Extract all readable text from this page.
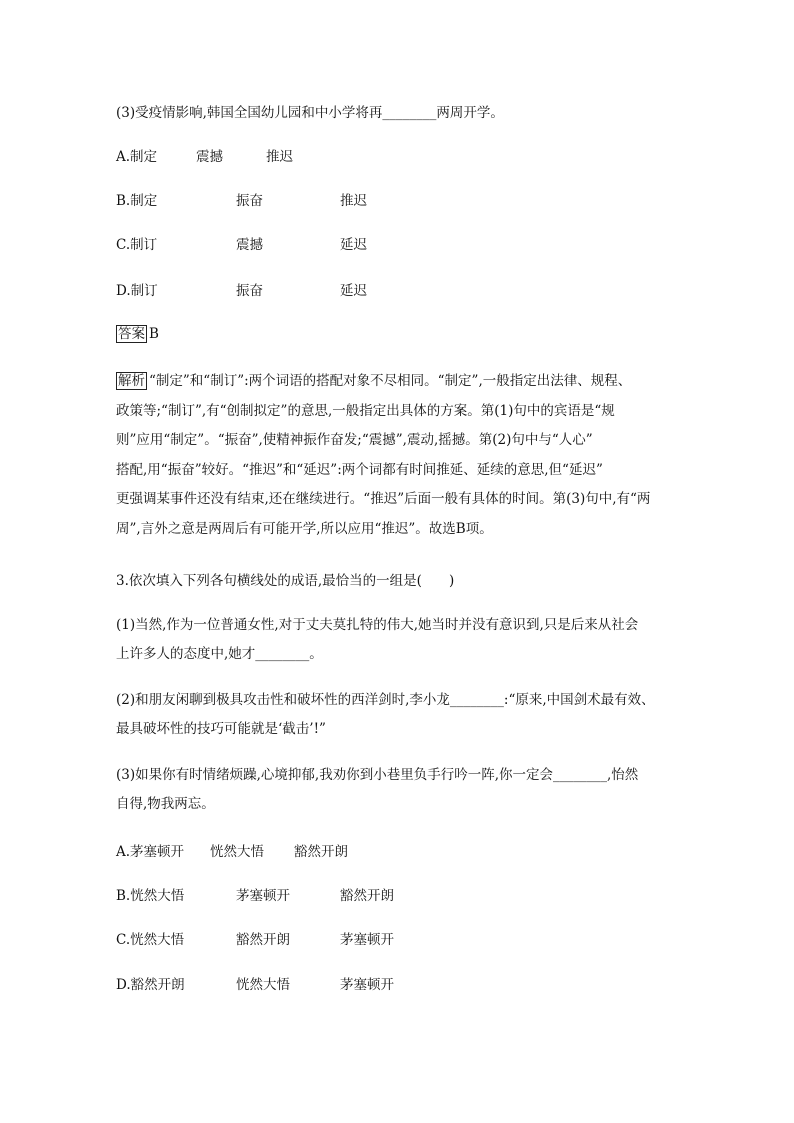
(3)受疫情影响,韩国全国幼儿园和中小学将再________两周开学。
A.制定	震撼	推迟
B.制定	振奋	推迟
C.制订	震撼	延迟
D.制订	振奋	延迟
答案 B
解析 “制定”和“制订”:两个词语的搭配对象不尽相同。“制定”,一般指定出法律、规程、
政策等;“制订”,有“创制拟定”的意思,一般指定出具体的方案。第(1)句中的宾语是“规
则”应用“制定”。“振奋”,使精神振作奋发;“震撼”,震动,摇撼。第(2)句中与“人心”
搭配,用“振奋”较好。“推迟”和“延迟”:两个词都有时间推延、延续的意思,但“延迟”
更强调某事件还没有结束,还在继续进行。“推迟”后面一般有具体的时间。第(3)句中,有“两
周”,言外之意是两周后有可能开学,所以应用“推迟”。故选B项。
3.依次填入下列各句横线处的成语,最恰当的一组是(　　)
(1)当然,作为一位普通女性,对于丈夫莫扎特的伟大,她当时并没有意识到,只是后来从社会
上许多人的态度中,她才________。
(2)和朋友闲聊到极具攻击性和破坏性的西洋剑时,李小龙________:“原来,中国剑术最有效、
最具破坏性的技巧可能就是‘截击’!”
(3)如果你有时情绪烦躁,心境抑郁,我劝你到小巷里负手行吟一阵,你一定会________,怡然
自得,物我两忘。
A.茅塞顿开 恍然大悟 豁然开朗
B.恍然大悟	茅塞顿开	豁然开朗
C.恍然大悟	豁然开朗	茅塞顿开
D.豁然开朗	恍然大悟	茅塞顿开
